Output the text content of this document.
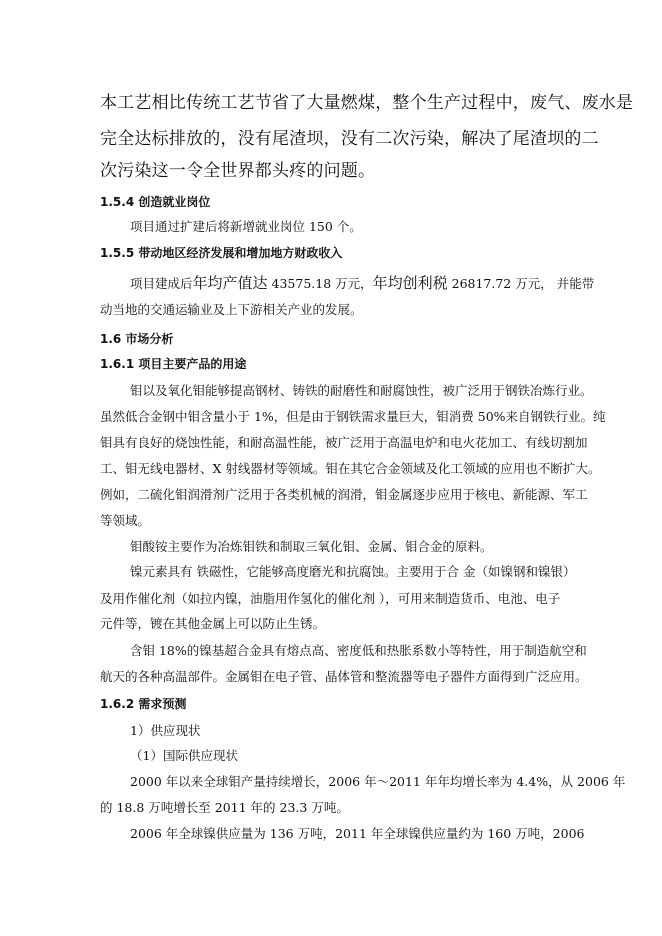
本工艺相比传统工艺节省了大量燃煤，整个生产过程中，废气、废水是
完全达标排放的，没有尾渣坝，没有二次污染，解决了尾渣坝的二
次污染这一令全世界都头疼的问题。
1.5.4 创造就业岗位
项目通过扩建后将新增就业岗位 150 个。
1.5.5 带动地区经济发展和增加地方财政收入
项目建成后年均产值达 43575.18 万元，年均创利税 26817.72 万元， 并能带
动当地的交通运输业及上下游相关产业的发展。
1.6 市场分析
1.6.1 项目主要产品的用途
钼以及氧化钼能够提高钢材、铸铁的耐磨性和耐腐蚀性，被广泛用于钢铁冶炼行业。
虽然低合金钢中钼含量小于 1%，但是由于钢铁需求量巨大，钼消费 50%来自钢铁行业。纯
钼具有良好的烧蚀性能，和耐高温性能，被广泛用于高温电炉和电火花加工、有线切割加
工、钼无线电器材、X 射线器材等领域。钼在其它合金领域及化工领域的应用也不断扩大。
例如，二硫化钼润滑剂广泛用于各类机械的润滑，钼金属逐步应用于核电、新能源、军工
等领域。
钼酸铵主要作为冶炼钼铁和制取三氧化钼、金属、钼合金的原料。
镍元素具有 铁磁性，它能够高度磨光和抗腐蚀。主要用于合 金（如镍钢和镍银）
及用作催化剂（如拉内镍，油脂用作氢化的催化剂 ），可用来制造货币、电池、电子
元件等，镀在其他金属上可以防止生锈。
含钼 18%的镍基超合金具有熔点高、密度低和热胀系数小等特性，用于制造航空和
航天的各种高温部件。金属钼在电子管、晶体管和整流器等电子器件方面得到广泛应用。
1.6.2 需求预测
1）供应现状
（1）国际供应现状
2000 年以来全球钼产量持续增长，2006 年～2011 年年均增长率为 4.4%，从 2006 年
的 18.8 万吨增长至 2011 年的 23.3 万吨。
2006 年全球镍供应量为 136 万吨，2011 年全球镍供应量约为 160 万吨，2006
